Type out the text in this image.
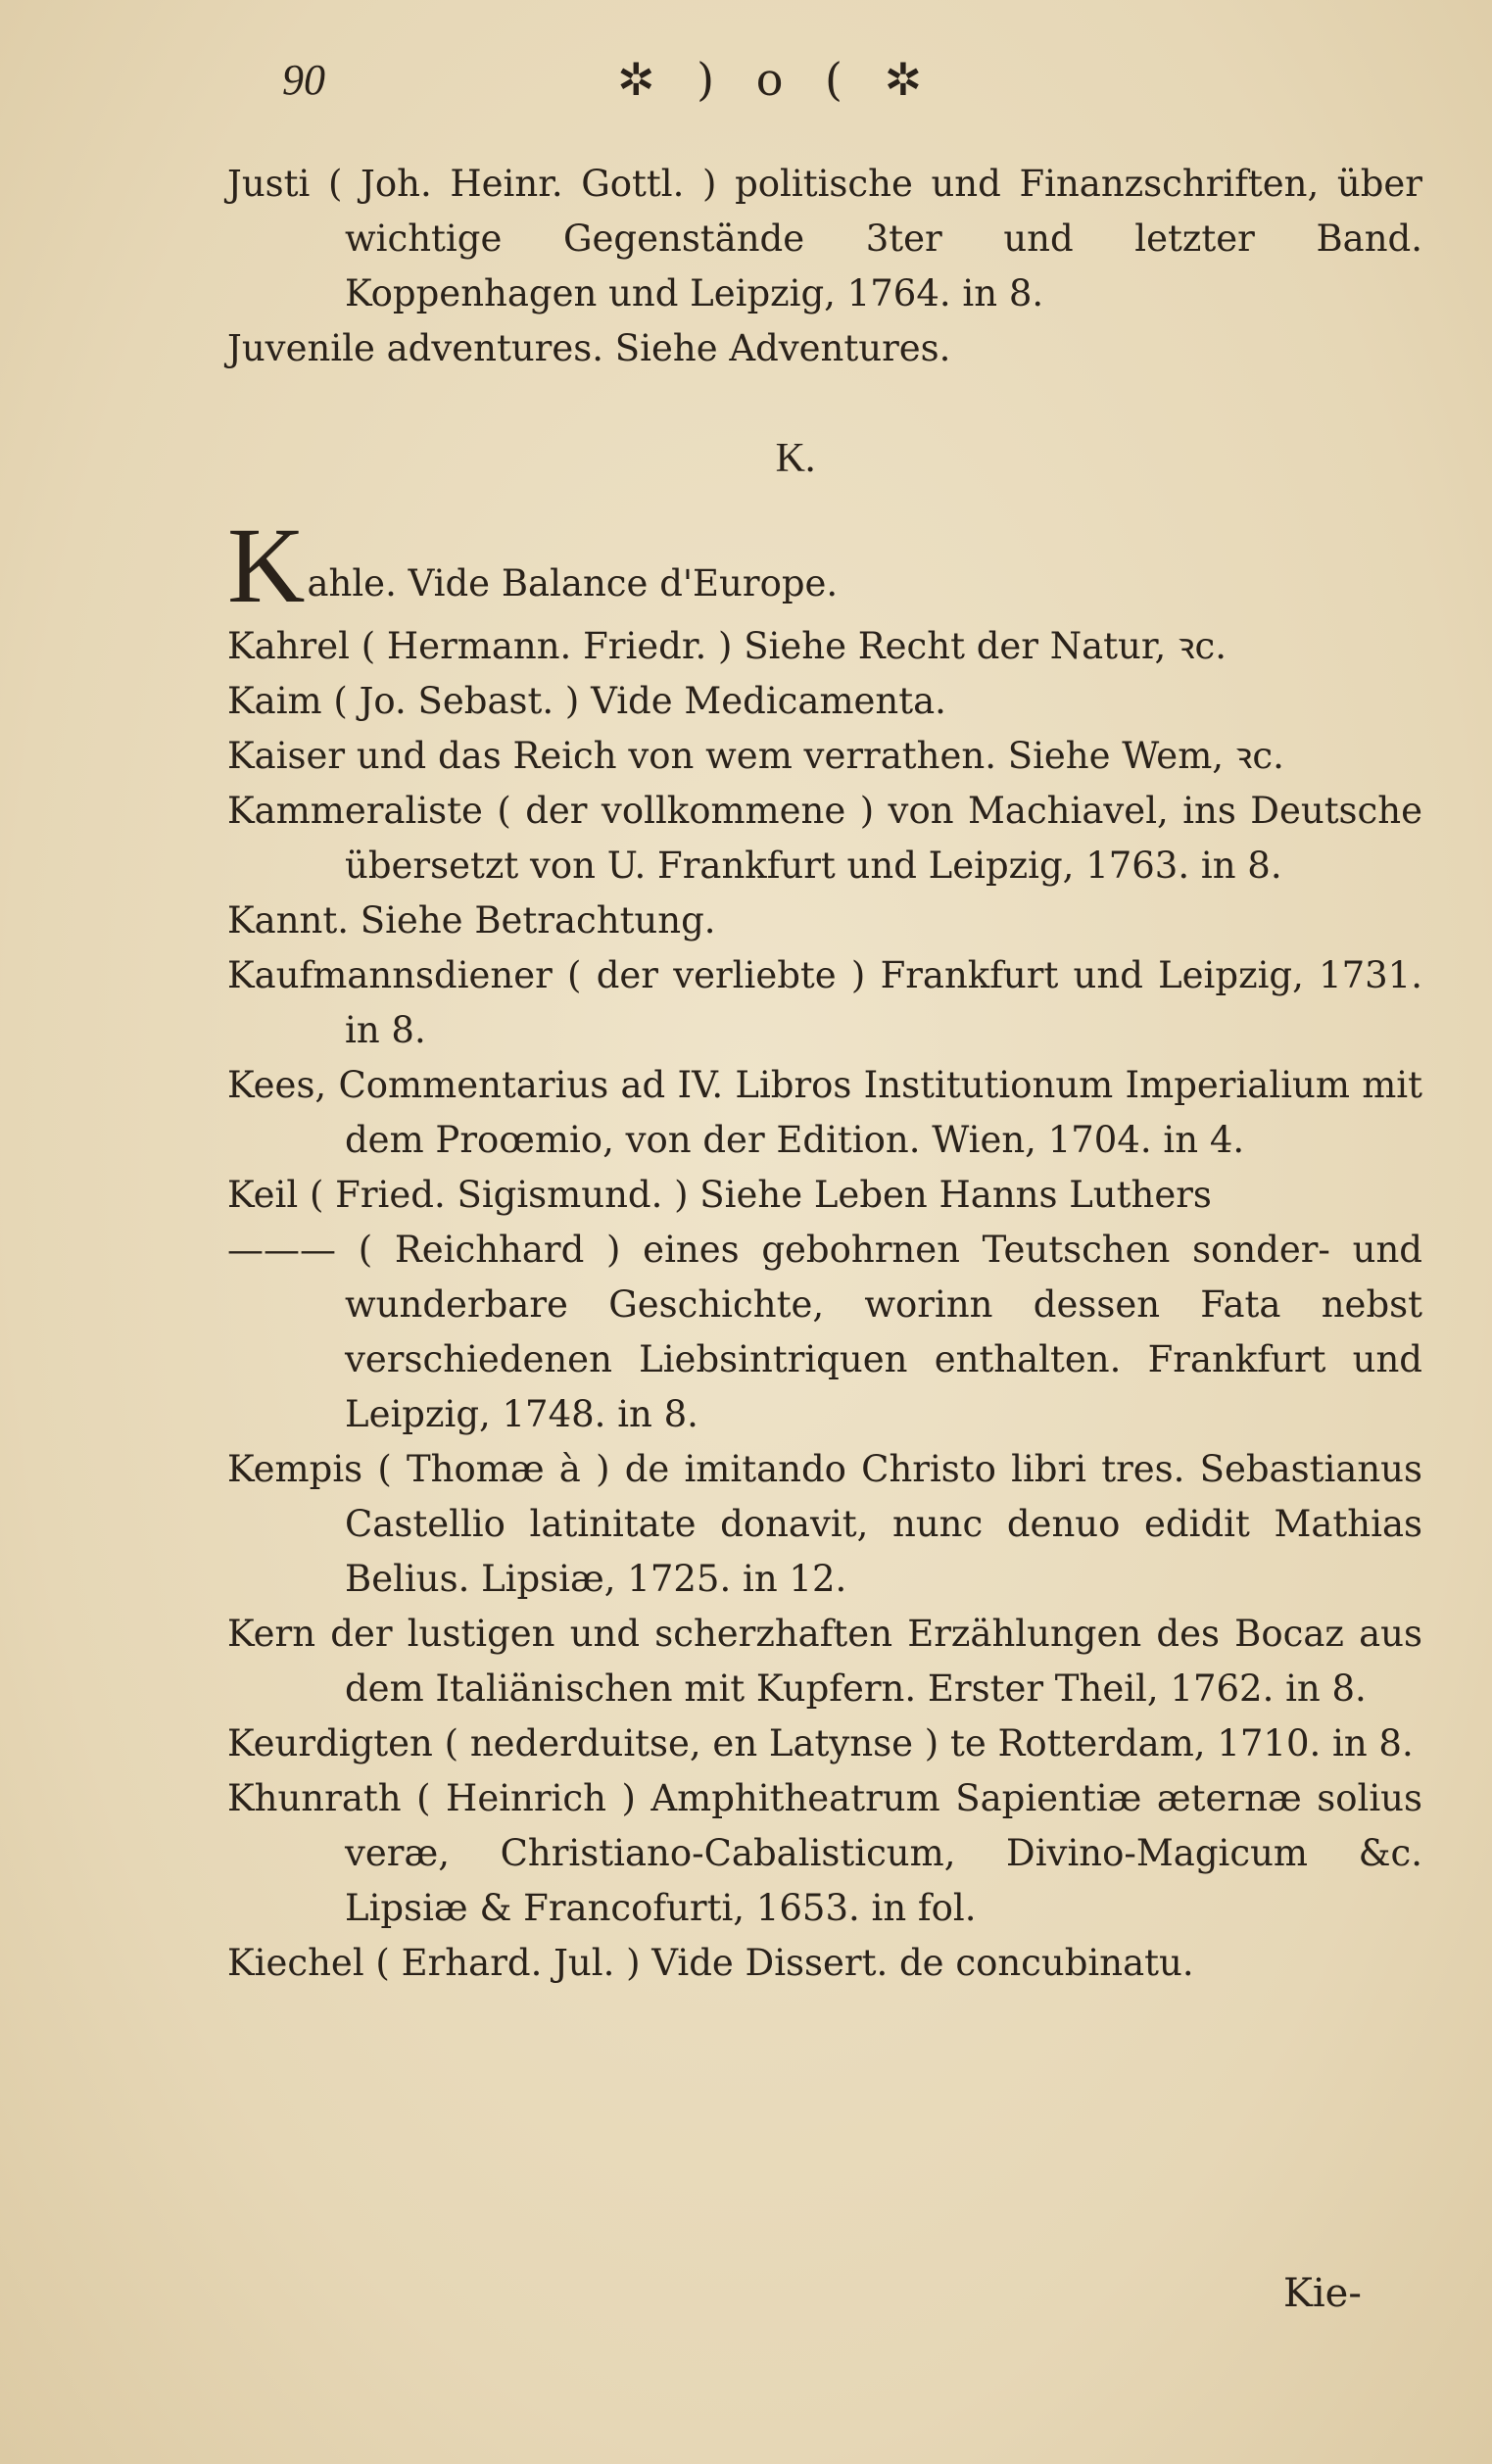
90	✲ ) o ( ✲

Justi ( Joh. Heinr. Gottl. ) politische und Finanzschriften, über wichtige Gegenstände 3ter und letzter Band. Koppenhagen und Leipzig, 1764. in 8.

Juvenile adventures. Siehe Adventures.

K.

Kahle. Vide Balance d'Europe.

Kahrel ( Hermann. Friedr. ) Siehe Recht der Natur, ꝛc.

Kaim ( Jo. Sebast. ) Vide Medicamenta.

Kaiser und das Reich von wem verrathen. Siehe Wem, ꝛc.

Kammeraliste ( der vollkommene ) von Machiavel, ins Deutsche übersetzt von U. Frankfurt und Leipzig, 1763. in 8.

Kannt. Siehe Betrachtung.

Kaufmannsdiener ( der verliebte ) Frankfurt und Leipzig, 1731. in 8.

Kees, Commentarius ad IV. Libros Institutionum Imperialium mit dem Proœmio, von der Edition. Wien, 1704. in 4.

Keil ( Fried. Sigismund. ) Siehe Leben Hanns Luthers

——— ( Reichhard ) eines gebohrnen Teutschen sonder- und wunderbare Geschichte, worinn dessen Fata nebst verschiedenen Liebsintriquen enthalten. Frankfurt und Leipzig, 1748. in 8.

Kempis ( Thomæ à ) de imitando Christo libri tres. Sebastianus Castellio latinitate donavit, nunc denuo edidit Mathias Belius. Lipsiæ, 1725. in 12.

Kern der lustigen und scherzhaften Erzählungen des Bocaz aus dem Italiänischen mit Kupfern. Erster Theil, 1762. in 8.

Keurdigten ( nederduitse, en Latynse ) te Rotterdam, 1710. in 8.

Khunrath ( Heinrich ) Amphitheatrum Sapientiæ æternæ solius veræ, Christiano-Cabalisticum, Divino-Magicum &c. Lipsiæ & Francofurti, 1653. in fol.

Kiechel ( Erhard. Jul. ) Vide Dissert. de concubinatu.

Kie-
